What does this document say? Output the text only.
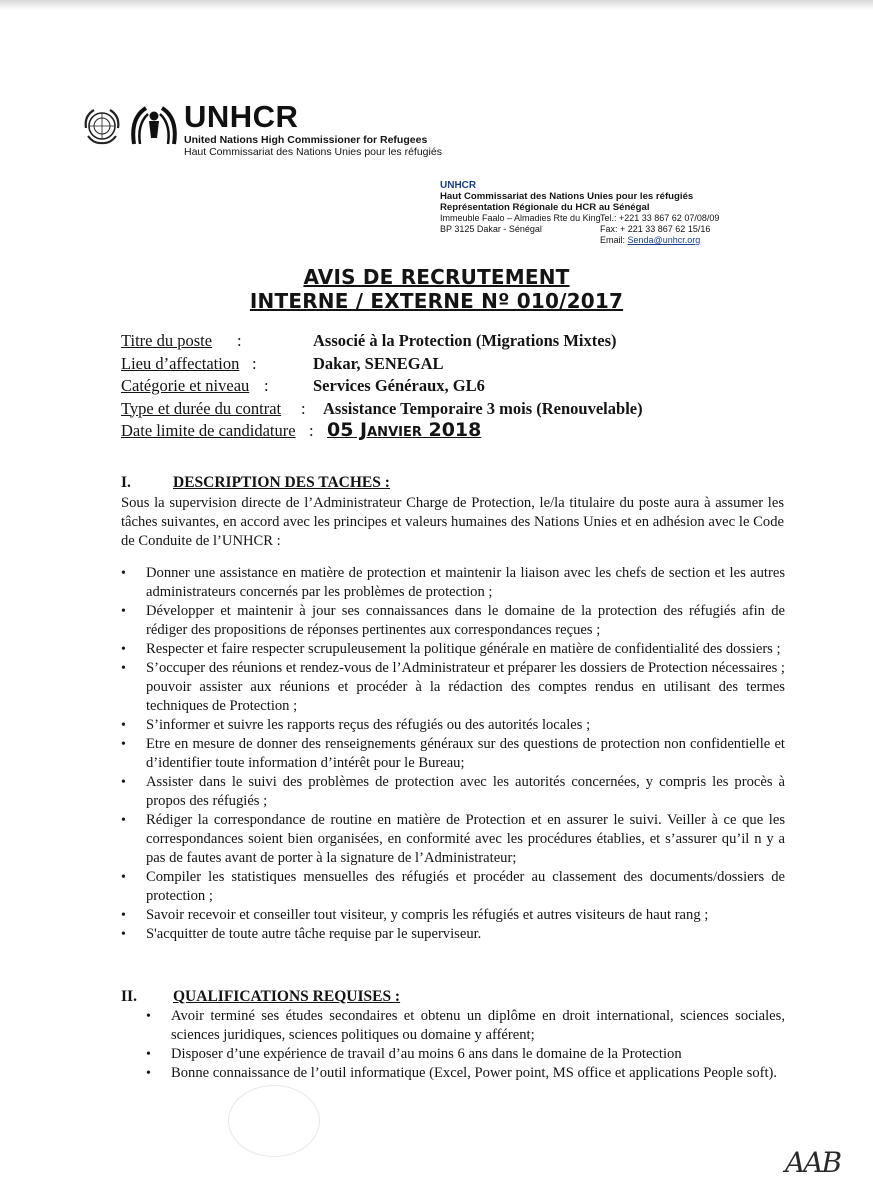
UNHCR
United Nations High Commissioner for Refugees
Haut Commissariat des Nations Unies pour les réfugiés
UNHCR
Haut Commissariat des Nations Unies pour les réfugiés
Représentation Régionale du HCR au Sénégal
Immeuble Faalo – Almadies Rte du King Tel.: +221 33 867 62 07/08/09
BP 3125 Dakar - Sénégal	Fax: + 221 33 867 62 15/16
Email: Senda@unhcr.org
AVIS DE RECRUTEMENT
INTERNE / EXTERNE Nº 010/2017
Titre du poste :	Associé à la Protection (Migrations Mixtes)
Lieu d’affectation :	Dakar, SENEGAL
Catégorie et niveau :	Services Généraux, GL6
Type et durée du contrat : Assistance Temporaire 3 mois (Renouvelable)
Date limite de candidature : 05 Janvier 2018
I.	DESCRIPTION DES TACHES :
Sous la supervision directe de l’Administrateur Charge de Protection, le/la titulaire du poste aura à assumer les tâches suivantes, en accord avec les principes et valeurs humaines des Nations Unies et en adhésion avec le Code de Conduite de l’UNHCR :
• Donner une assistance en matière de protection et maintenir la liaison avec les chefs de section et les autres administrateurs concernés par les problèmes de protection ;
• Développer et maintenir à jour ses connaissances dans le domaine de la protection des réfugiés afin de rédiger des propositions de réponses pertinentes aux correspondances reçues ;
• Respecter et faire respecter scrupuleusement la politique générale en matière de confidentialité des dossiers ;
• S’occuper des réunions et rendez-vous de l’Administrateur et préparer les dossiers de Protection nécessaires ; pouvoir assister aux réunions et procéder à la rédaction des comptes rendus en utilisant des termes techniques de Protection ;
• S’informer et suivre les rapports reçus des réfugiés ou des autorités locales ;
• Etre en mesure de donner des renseignements généraux sur des questions de protection non confidentielle et d’identifier toute information d’intérêt pour le Bureau;
• Assister dans le suivi des problèmes de protection avec les autorités concernées, y compris les procès à propos des réfugiés ;
• Rédiger la correspondance de routine en matière de Protection et en assurer le suivi. Veiller à ce que les correspondances soient bien organisées, en conformité avec les procédures établies, et s’assurer qu’il n y a pas de fautes avant de porter à la signature de l’Administrateur;
• Compiler les statistiques mensuelles des réfugiés et procéder au classement des documents/dossiers de protection ;
• Savoir recevoir et conseiller tout visiteur, y compris les réfugiés et autres visiteurs de haut rang ;
• S'acquitter de toute autre tâche requise par le superviseur.
II. QUALIFICATIONS REQUISES :
• Avoir terminé ses études secondaires et obtenu un diplôme en droit international, sciences sociales, sciences juridiques, sciences politiques ou domaine y afférent;
• Disposer d’une expérience de travail d’au moins 6 ans dans le domaine de la Protection
• Bonne connaissance de l’outil informatique (Excel, Power point, MS office et applications People soft).
AAB
